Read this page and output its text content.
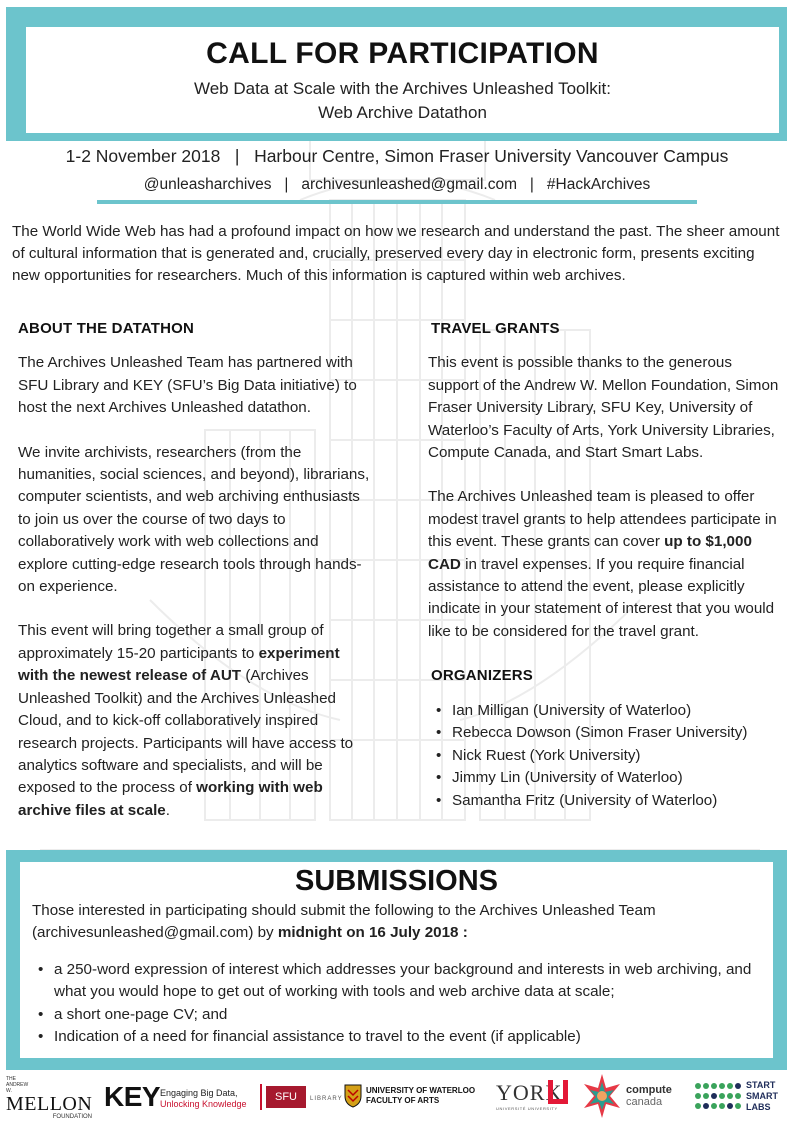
CALL FOR PARTICIPATION
Web Data at Scale with the Archives Unleashed Toolkit:
Web Archive Datathon
1-2 November 2018   |   Harbour Centre, Simon Fraser University Vancouver Campus
@unleasharchives   |   archivesunleashed@gmail.com   |   #HackArchives

The World Wide Web has had a profound impact on how we research and understand the past. The sheer amount of cultural information that is generated and, crucially, preserved every day in electronic form, presents exciting new opportunities for researchers. Much of this information is captured within web archives.

ABOUT THE DATATHON

The Archives Unleashed Team has partnered with SFU Library and KEY (SFU’s Big Data initiative) to host the next Archives Unleashed datathon.

We invite archivists, researchers (from the humanities, social sciences, and beyond), librarians, computer scientists, and web archiving enthusiasts to join us over the course of two days to collaboratively work with web collections and explore cutting-edge research tools through hands-on experience.

This event will bring together a small group of approximately 15-20 participants to experiment with the newest release of AUT (Archives Unleashed Toolkit) and the Archives Unleashed Cloud, and to kick-off collaboratively inspired research projects. Participants will have access to analytics software and specialists, and will be exposed to the process of working with web archive files at scale.

TRAVEL GRANTS

This event is possible thanks to the generous support of the Andrew W. Mellon Foundation, Simon Fraser University Library, SFU Key, University of Waterloo’s Faculty of Arts, York University Libraries, Compute Canada, and Start Smart Labs.

The Archives Unleashed team is pleased to offer modest travel grants to help attendees participate in this event. These grants can cover up to $1,000 CAD in travel expenses. If you require financial assistance to attend the event, please explicitly indicate in your statement of interest that you would like to be considered for the travel grant.

ORGANIZERS
• Ian Milligan (University of Waterloo)
• Rebecca Dowson (Simon Fraser University)
• Nick Ruest (York University)
• Jimmy Lin (University of Waterloo)
• Samantha Fritz (University of Waterloo)
SUBMISSIONS

Those interested in participating should submit the following to the Archives Unleashed Team (archivesunleashed@gmail.com) by midnight on 16 July 2018 :

• a 250-word expression of interest which addresses your background and interests in web archiving, and what you would hope to get out of working with tools and web archive data at scale;
• a short one-page CV; and
• Indication of a need for financial assistance to travel to the event (if applicable)
THE ANDREW W.
MELLON
FOUNDATION
KEY Engaging Big Data,
Unlocking Knowledge
SFU	LIBRARY
UNIVERSITY OF WATERLOO
FACULTY OF ARTS	YORK
UNIVERSITÉ UNIVERSITY
compute
canada
START
SMART
LABS
